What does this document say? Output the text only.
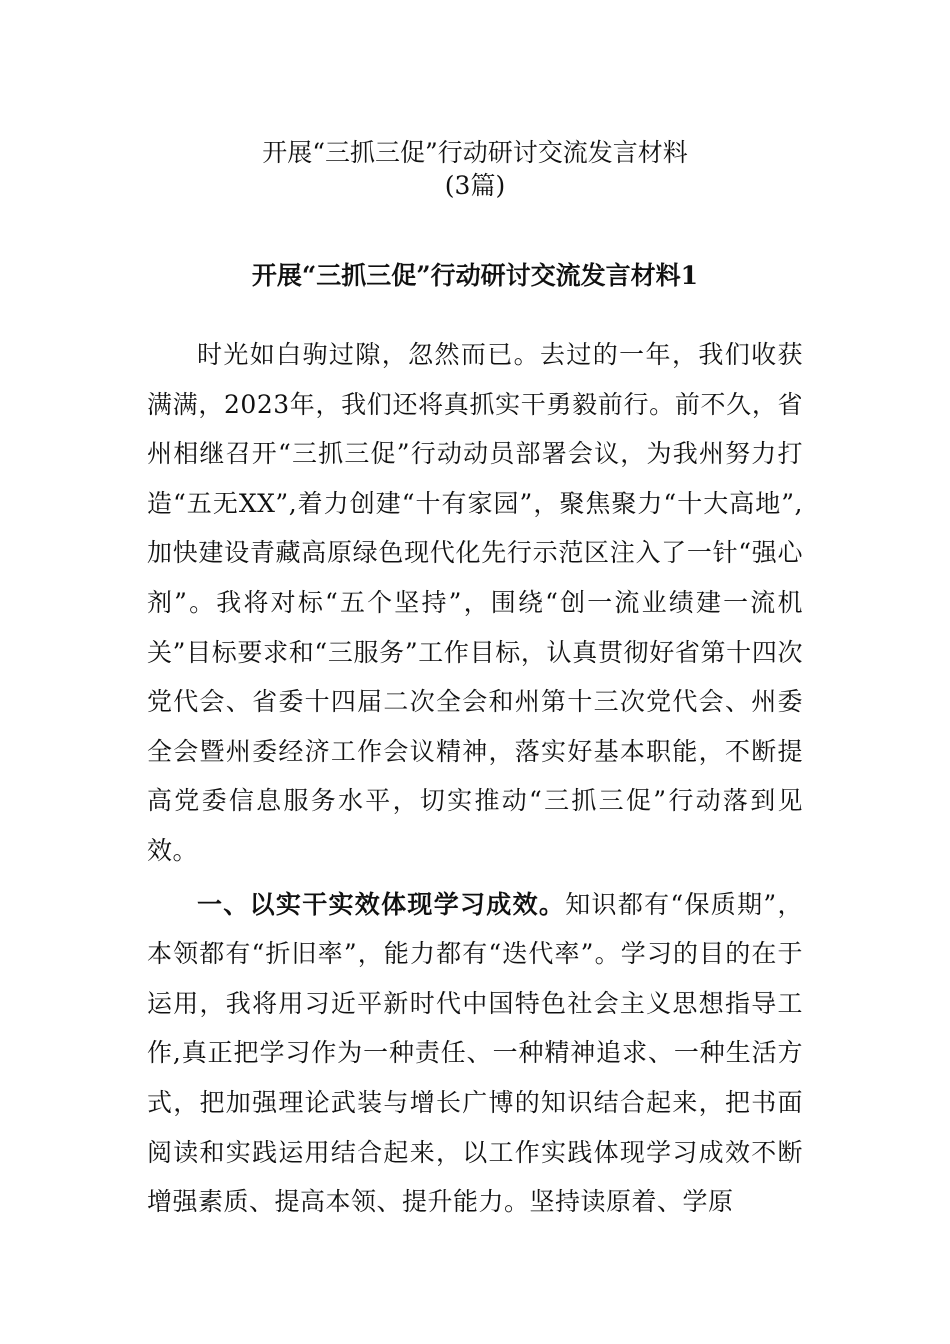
开展“三抓三促”行动研讨交流发言材料
(3篇)
开展“三抓三促”行动研讨交流发言材料1

时光如白驹过隙，忽然而已。去过的一年，我们收获满满，2023年，我们还将真抓实干勇毅前行。前不久，省州相继召开“三抓三促”行动动员部署会议，为我州努力打造“五无XX”,着力创建“十有家园”，聚焦聚力“十大高地”,加快建设青藏高原绿色现代化先行示范区注入了一针“强心剂”。我将对标“五个坚持”，围绕“创一流业绩建一流机关”目标要求和“三服务”工作目标，认真贯彻好省第十四次党代会、省委十四届二次全会和州第十三次党代会、州委全会暨州委经济工作会议精神，落实好基本职能，不断提高党委信息服务水平，切实推动“三抓三促”行动落到见效。

一、以实干实效体现学习成效。知识都有“保质期”，本领都有“折旧率”，能力都有“迭代率”。学习的目的在于运用，我将用习近平新时代中国特色社会主义思想指导工作,真正把学习作为一种责任、一种精神追求、一种生活方式，把加强理论武装与增长广博的知识结合起来，把书面阅读和实践运用结合起来，以工作实践体现学习成效不断增强素质、提高本领、提升能力。坚持读原着、学原
